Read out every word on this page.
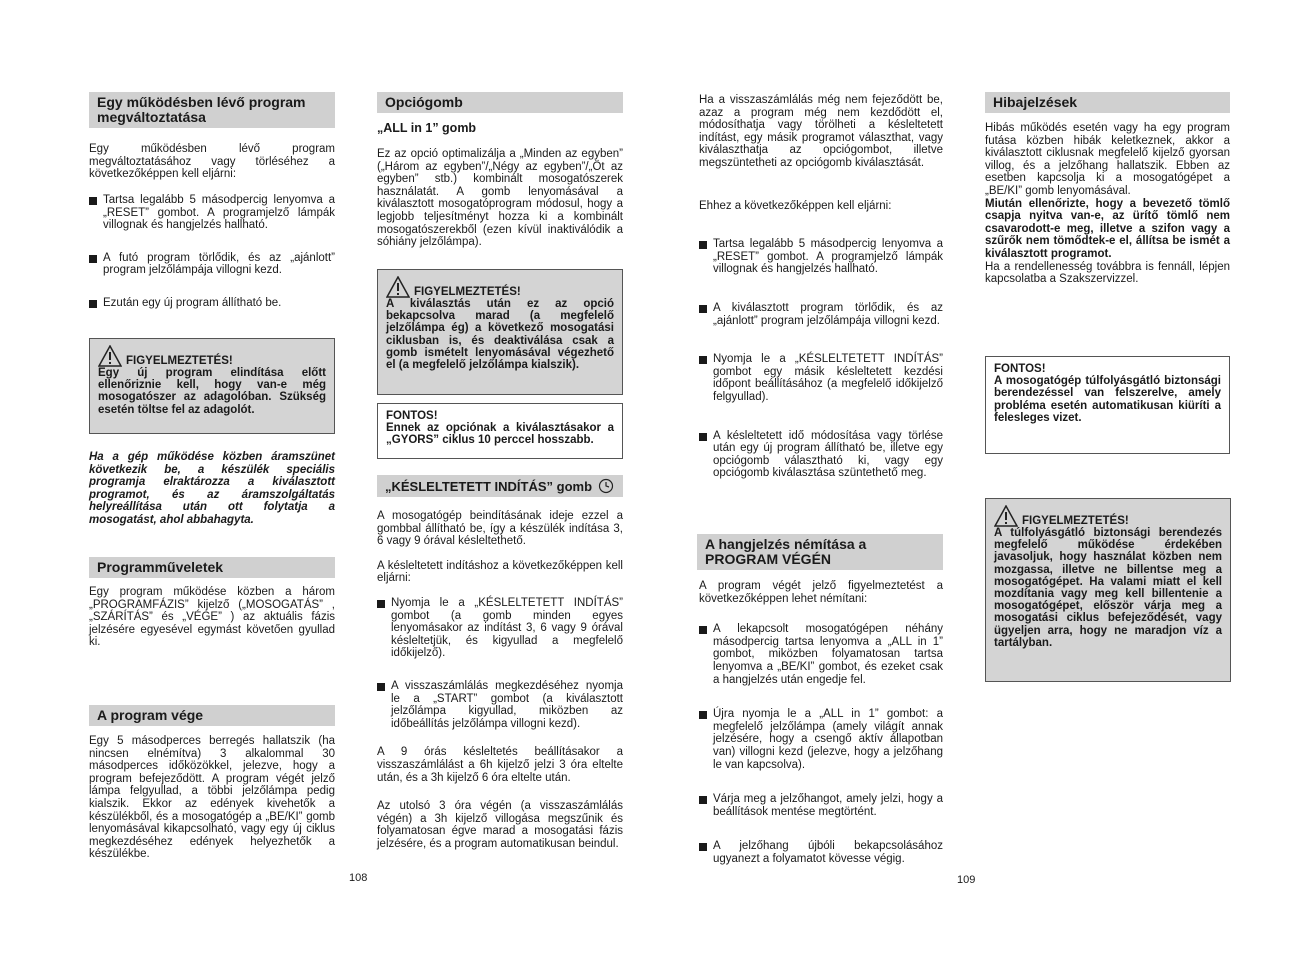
Egy működésben lévő program megváltoztatása

Egy működésben lévő program megváltoztatásához vagy törléséhez a következőképpen kell eljárni:

Tartsa legalább 5 másodpercig lenyomva a „RESET” gombot. A programjelző lámpák villognak és hangjelzés hallható.
A futó program törlődik, és az „ajánlott” program jelzőlámpája villogni kezd.
Ezután egy új program állítható be.
FIGYELMEZTETÉS!

Egy új program elindítása előtt ellenőriznie kell, hogy van-e még mosogatószer az adagolóban. Szükség esetén töltse fel az adagolót.

Ha a gép működése közben áramszünet következik be, a készülék speciális programja elraktározza a kiválasztott programot, és az áramszolgáltatás helyreállítása után ott folytatja a mosogatást, ahol abbahagyta.

Programműveletek

Egy program működése közben a három „PROGRAMFÁZIS” kijelző („MOSOGATÁS” , „SZÁRÍTÁS” és „VÉGE” ) az aktuális fázis jelzésére egyesével egymást követően gyullad ki.

A program vége

Egy 5 másodperces berregés hallatszik (ha nincsen elnémítva) 3 alkalommal 30 másodperces időközökkel, jelezve, hogy a program befejeződött. A program végét jelző lámpa felgyullad, a többi jelzőlámpa pedig kialszik. Ekkor az edények kivehetők a készülékből, és a mosogatógép a „BE/KI” gomb lenyomásával kikapcsolható, vagy egy új ciklus megkezdéséhez edények helyezhetők a készülékbe.

108
Opciógomb

„ALL in 1” gomb

Ez az opció optimalizálja a „Minden az egyben” („Három az egyben”/„Négy az egyben”/„Öt az egyben” stb.) kombinált mosogatószerek használatát. A gomb lenyomásával a kiválasztott mosogatóprogram módosul, hogy a legjobb teljesítményt hozza ki a kombinált mosogatószerekből (ezen kívül inaktiválódik a sóhiány jelzőlámpa).

FIGYELMEZTETÉS!

A kiválasztás után ez az opció bekapcsolva marad (a megfelelő jelzőlámpa ég) a következő mosogatási ciklusban is, és deaktiválása csak a gomb ismételt lenyomásával végezhető el (a megfelelő jelzőlámpa kialszik).

FONTOS!

Ennek az opciónak a kiválasztásakor a „GYORS” ciklus 10 perccel hosszabb.

„KÉSLELTETETT INDÍTÁS” gomb

A mosogatógép beindításának ideje ezzel a gombbal állítható be, így a készülék indítása 3, 6 vagy 9 órával késleltethető.

A késleltetett indításhoz a következőképpen kell eljárni:

Nyomja le a „KÉSLELTETETT INDÍTÁS” gombot (a gomb minden egyes lenyomásakor az indítást 3, 6 vagy 9 órával késleltetjük, és kigyullad a megfelelő időkijelző).
A visszaszámlálás megkezdéséhez nyomja le a „START” gombot (a kiválasztott jelzőlámpa kigyullad, miközben az időbeállítás jelzőlámpa villogni kezd).

A 9 órás késleltetés beállításakor a visszaszámlálást a 6h kijelző jelzi 3 óra eltelte után, és a 3h kijelző 6 óra eltelte után.

Az utolsó 3 óra végén (a visszaszámlálás végén) a 3h kijelző villogása megszűnik és folyamatosan égve marad a mosogatási fázis jelzésére, és a program automatikusan beindul.

Ha a visszaszámlálás még nem fejeződött be, azaz a program még nem kezdődött el, módosíthatja vagy törölheti a késleltetett indítást, egy másik programot választhat, vagy kiválaszthatja az opciógombot, illetve megszüntetheti az opciógomb kiválasztását.

Ehhez a következőképpen kell eljárni:

Tartsa legalább 5 másodpercig lenyomva a „RESET” gombot. A programjelző lámpák villognak és hangjelzés hallható.
A kiválasztott program törlődik, és az „ajánlott” program jelzőlámpája villogni kezd.
Nyomja le a „KÉSLELTETETT INDÍTÁS” gombot egy másik késleltetett kezdési időpont beállításához (a megfelelő időkijelző felgyullad).
A késleltetett idő módosítása vagy törlése után egy új program állítható be, illetve egy opciógomb választható ki, vagy egy opciógomb kiválasztása szüntethető meg.
A hangjelzés némítása a PROGRAM VÉGÉN

A program végét jelző figyelmeztetést a következőképpen lehet némítani:

A lekapcsolt mosogatógépen néhány másodpercig tartsa lenyomva a „ALL in 1” gombot, miközben folyamatosan tartsa lenyomva a „BE/KI” gombot, és ezeket csak a hangjelzés után engedje fel.
Újra nyomja le a „ALL in 1” gombot: a megfelelő jelzőlámpa (amely világít annak jelzésére, hogy a csengő aktív állapotban van) villogni kezd (jelezve, hogy a jelzőhang le van kapcsolva).
Várja meg a jelzőhangot, amely jelzi, hogy a beállítások mentése megtörtént.
A jelzőhang újbóli bekapcsolásához ugyanezt a folyamatot kövesse végig.
109
Hibajelzések

Hibás működés esetén vagy ha egy program futása közben hibák keletkeznek, akkor a kiválasztott ciklusnak megfelelő kijelző gyorsan villog, és a jelzőhang hallatszik. Ebben az esetben kapcsolja ki a mosogatógépet a „BE/KI” gomb lenyomásával.

Miután ellenőrizte, hogy a bevezető tömlő csapja nyitva van-e, az ürítő tömlő nem csavarodott-e meg, illetve a szifon vagy a szűrők nem tömődtek-e el, állítsa be ismét a kiválasztott programot.

Ha a rendellenesség továbbra is fennáll, lépjen kapcsolatba a Szakszervizzel.

FONTOS!

A mosogatógép túlfolyásgátló biztonsági berendezéssel van felszerelve, amely probléma esetén automatikusan kiüríti a felesleges vizet.

FIGYELMEZTETÉS!

A túlfolyásgátló biztonsági berendezés megfelelő működése érdekében javasoljuk, hogy használat közben nem mozgassa, illetve ne billentse meg a mosogatógépet. Ha valami miatt el kell mozdítania vagy meg kell billentenie a mosogatógépet, először várja meg a mosogatási ciklus befejeződését, vagy ügyeljen arra, hogy ne maradjon víz a tartályban.
